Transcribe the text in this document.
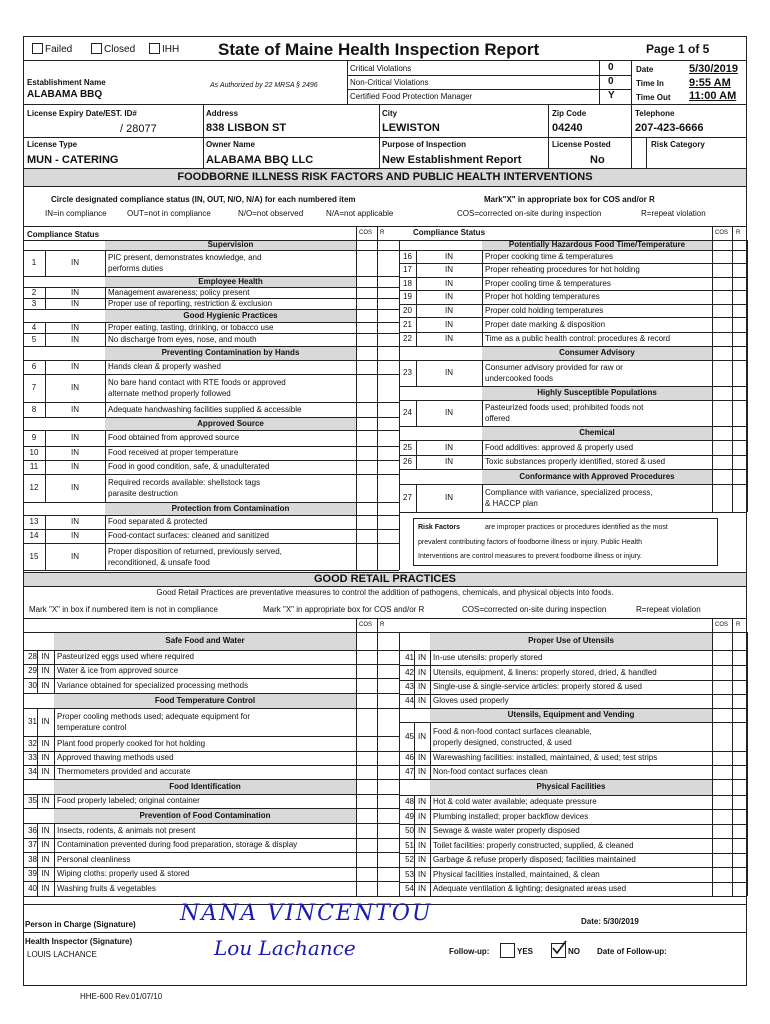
Failed	Closed	IHH State of Maine Health Inspection Report	Page 1 of 5
Establishment Name
ALABAMA BBQ
As Authorized by 22 MRSA § 2496
Critical Violations	0
Non-Critical Violations	0
Certified Food Protection Manager	Y
Date	5/30/2019
Time In 9:55 AM
Time Out 11:00 AM
License Expiry Date/EST. ID#
/ 28077
Address
838 LISBON ST
City
LEWISTON
Zip Code
04240
Telephone
207-423-6666
License Type
MUN - CATERING
Owner Name
ALABAMA BBQ LLC
Purpose of Inspection
New Establishment Report
License Posted
No
Risk Category
FOODBORNE ILLNESS RISK FACTORS AND PUBLIC HEALTH INTERVENTIONS
Circle designated compliance status (IN, OUT, N/O, N/A) for each numbered item	Mark"X" in appropriate box for COS and/or R
IN=in compliance	OUT=not in compliance	N/O=not observed	N/A=not applicable	COS=corrected on-site during inspection	R=repeat violation
Compliance Status	COS R	Compliance Status	COS R
Supervision
1	IN
PIC present, demonstrates knowledge, and
performs duties
Employee Health
2	IN	Management awareness; policy present
3	IN	Proper use of reporting, restriction & exclusion
Good Hygienic Practices
4	IN	Proper eating, tasting, drinking, or tobacco use
5	IN	No discharge from eyes, nose, and mouth
Preventing Contamination by Hands
6	IN	Hands clean & properly washed
7	IN
No bare hand contact with RTE foods or approved
alternate method properly followed
8	IN	Adequate handwashing facilities supplied & accessible
Approved Source
9	IN	Food obtained from approved source
10	IN	Food received at proper temperature
11	IN	Food in good condition, safe, & unadulterated
12	IN
Required records available: shellstock tags
parasite destruction
Protection from Contamination
13	IN	Food separated & protected
14	IN	Food-contact surfaces: cleaned and sanitized
15	IN
Proper disposition of returned, previously served,
reconditioned, & unsafe food
Potentially Hazardous Food Time/Temperature
16	IN	Proper cooking time & temperatures
17	IN	Proper reheating procedures for hot holding
18	IN	Proper cooling time & temperatures
19	IN	Proper hot holding temperatures
20	IN	Proper cold holding temperatures
21	IN	Proper date marking & disposition
22	IN	Time as a public health control: procedures & record
Consumer Advisory
23	IN
Consumer advisory provided for raw or
undercooked foods
Highly Susceptible Populations
24	IN
Pasteurized foods used; prohibited foods not
offered
Chemical
25	IN	Food additives: approved & properly used
26	IN	Toxic substances properly identified, stored & used
Conformance with Approved Procedures
27	IN
Compliance with variance, specialized process,
& HACCP plan
Risk Factors	are improper practices or procedures identified as the most
prevalent contributing factors of foodborne illness or injury. Public Health
Interventions are control measures to prevent foodborne illness or injury.
GOOD RETAIL PRACTICES
Good Retail Practices are preventative measures to control the addition of pathogens, chemicals, and physical objects into foods.
Mark "X" in box if numbered item is not in compliance	Mark "X" in appropriate box for COS and/or R	COS=corrected on-site during inspection	R=repeat violation
COS R	COS R
Safe Food and Water
28 IN Pasteurized eggs used where required
29 IN Water & ice from approved source
30 IN Variance obtained for specialized processing methods
Food Temperature Control
31 IN
Proper cooling methods used; adequate equipment for
temperature control
32 IN Plant food properly cooked for hot holding
33 IN Approved thawing methods used
34 IN Thermometers provided and accurate
Food Identification
35 IN Food properly labeled; original container
Prevention of Food Contamination
36 IN Insects, rodents, & animals not present
37 IN Contamination prevented during food preparation, storage & display
38 IN Personal cleanliness
39 IN Wiping cloths: properly used & stored
40 IN Washing fruits & vegetables
Proper Use of Utensils
41 IN In-use utensils: properly stored
42 IN Utensils, equipment, & linens: properly stored, dried, & handled
43 IN Single-use & single-service articles: properly stored & used
44 IN Gloves used properly
Utensils, Equipment and Vending
45 IN
Food & non-food contact surfaces cleanable,
properly designed, constructed, & used
46 IN Warewashing facilities: installed, maintained, & used; test strips
47 IN Non-food contact surfaces clean
Physical Facilities
48 IN Hot & cold water available; adequate pressure
49 IN Plumbing installed; proper backflow devices
50 IN Sewage & waste water properly disposed
51 IN Toilet facilities: properly constructed, supplied, & cleaned
52 IN Garbage & refuse properly disposed; facilities maintained
53 IN Physical facilities installed, maintained, & clean
54 IN Adequate ventilation & lighting; designated areas used
Person in Charge (Signature) NANA VINCENTOU	Date: 5/30/2019
Health Inspector (Signature)
LOUIS LACHANCE	Lou Lachance	Follow-up:	YES	NO Date of Follow-up:
HHE-600 Rev.01/07/10
